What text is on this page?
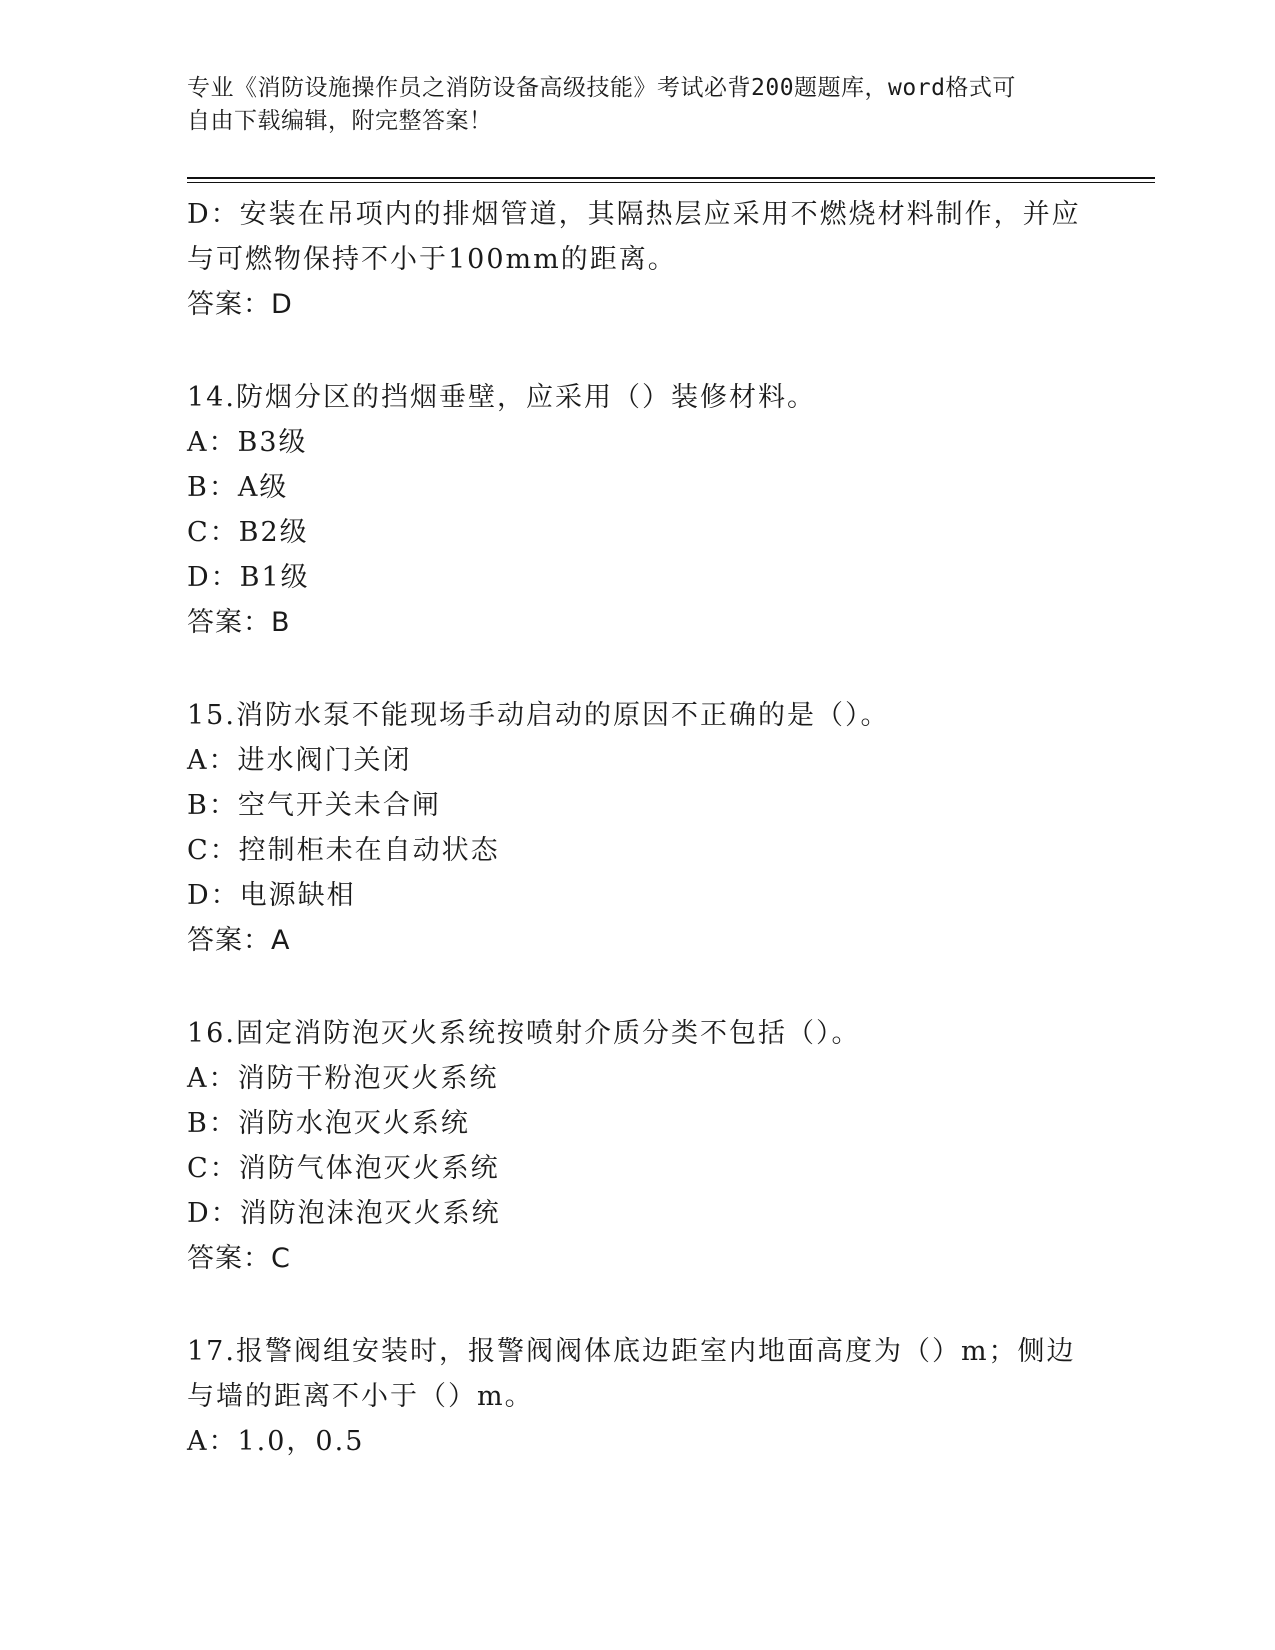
专业《消防设施操作员之消防设备高级技能》考试必背200题题库，word格式可
自由下载编辑，附完整答案！
D：安装在吊项内的排烟管道，其隔热层应采用不燃烧材料制作，并应
与可燃物保持不小于100mm的距离。
答案：D
14.防烟分区的挡烟垂壁，应采用（）装修材料。
A：B3级
B：A级
C：B2级
D：B1级
答案：B
15.消防水泵不能现场手动启动的原因不正确的是（）。
A：进水阀门关闭
B：空气开关未合闸
C：控制柜未在自动状态
D：电源缺相
答案：A
16.固定消防泡灭火系统按喷射介质分类不包括（）。
A：消防干粉泡灭火系统
B：消防水泡灭火系统
C：消防气体泡灭火系统
D：消防泡沫泡灭火系统
答案：C
17.报警阀组安装时，报警阀阀体底边距室内地面高度为（）m；侧边
与墙的距离不小于（）m。
A：1.0，0.5
